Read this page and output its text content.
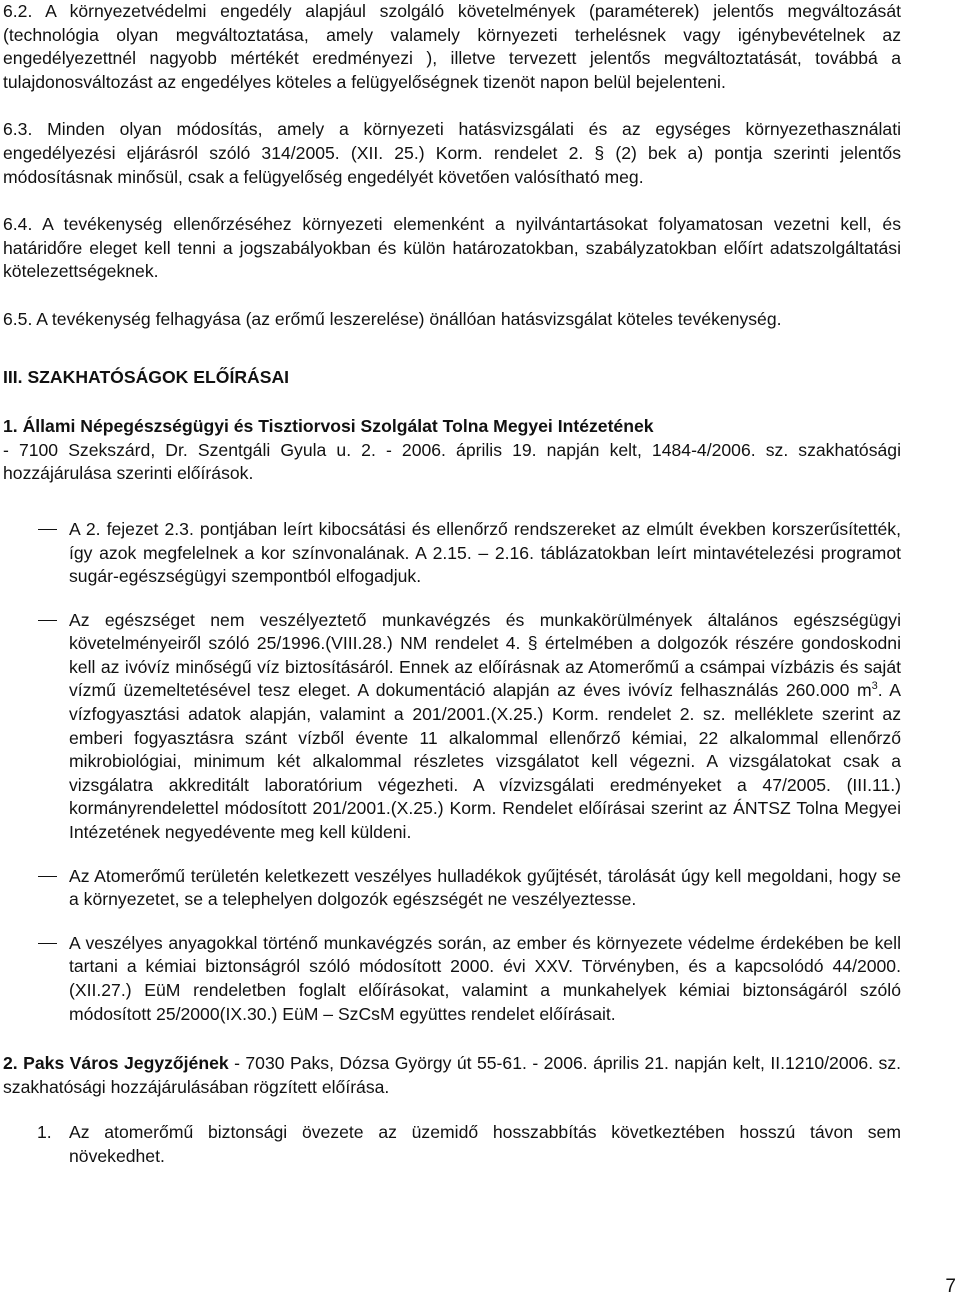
6.2. A környezetvédelmi engedély alapjául szolgáló követelmények (paraméterek) jelentős megváltozását (technológia olyan megváltoztatása, amely valamely környezeti terhelésnek vagy igénybevételnek az engedélyezettnél nagyobb mértékét eredményezi ), illetve tervezett jelentős megváltoztatását, továbbá a tulajdonosváltozást az engedélyes köteles a felügyelőségnek tizenöt napon belül bejelenteni.

6.3. Minden olyan módosítás, amely a környezeti hatásvizsgálati és az egységes környezethasználati engedélyezési eljárásról szóló 314/2005. (XII. 25.) Korm. rendelet 2. § (2) bek a) pontja szerinti jelentős módosításnak minősül, csak a felügyelőség engedélyét követően valósítható meg.

6.4. A tevékenység ellenőrzéséhez környezeti elemenként a nyilvántartásokat folyamatosan vezetni kell, és határidőre eleget kell tenni a jogszabályokban és külön határozatokban, szabályzatokban előírt adatszolgáltatási kötelezettségeknek.

6.5. A tevékenység felhagyása (az erőmű leszerelése) önállóan hatásvizsgálat köteles tevékenység.

III. SZAKHATÓSÁGOK ELŐÍRÁSAI

1. Állami Népegészségügyi és Tisztiorvosi Szolgálat Tolna Megyei Intézetének
- 7100 Szekszárd, Dr. Szentgáli Gyula u. 2. - 2006. április 19. napján kelt, 1484-4/2006. sz. szakhatósági hozzájárulása szerinti előírások.

A 2. fejezet 2.3. pontjában leírt kibocsátási és ellenőrző rendszereket az elmúlt években korszerűsítették, így azok megfelelnek a kor színvonalának. A 2.15. – 2.16. táblázatokban leírt mintavételezési programot sugár-egészségügyi szempontból elfogadjuk.
Az egészséget nem veszélyeztető munkavégzés és munkakörülmények általános egészségügyi követelményeiről szóló 25/1996.(VIII.28.) NM rendelet 4. § értelmében a dolgozók részére gondoskodni kell az ivóvíz minőségű víz biztosításáról. Ennek az előírásnak az Atomerőmű a csámpai vízbázis és saját vízmű üzemeltetésével tesz eleget. A dokumentáció alapján az éves ivóvíz felhasználás 260.000 $m^3$. A vízfogyasztási adatok alapján, valamint a 201/2001.(X.25.) Korm. rendelet 2. sz. melléklete szerint az emberi fogyasztásra szánt vízből évente 11 alkalommal ellenőrző kémiai, 22 alkalommal ellenőrző mikrobiológiai, minimum két alkalommal részletes vizsgálatot kell végezni. A vizsgálatokat csak a vizsgálatra akkreditált laboratórium végezheti. A vízvizsgálati eredményeket a 47/2005. (III.11.) kormányrendelettel módosított 201/2001.(X.25.) Korm. Rendelet előírásai szerint az ÁNTSZ Tolna Megyei Intézetének negyedévente meg kell küldeni.
Az Atomerőmű területén keletkezett veszélyes hulladékok gyűjtését, tárolását úgy kell megoldani, hogy se a környezetet, se a telephelyen dolgozók egészségét ne veszélyeztesse.
A veszélyes anyagokkal történő munkavégzés során, az ember és környezete védelme érdekében be kell tartani a kémiai biztonságról szóló módosított 2000. évi XXV. Törvényben, és a kapcsolódó 44/2000.(XII.27.) EüM rendeletben foglalt előírásokat, valamint a munkahelyek kémiai biztonságáról szóló módosított 25/2000(IX.30.) EüM – SzCsM együttes rendelet előírásait.

2. Paks Város Jegyzőjének - 7030 Paks, Dózsa György út 55-61. - 2006. április 21. napján kelt, II.1210/2006. sz. szakhatósági hozzájárulásában rögzített előírása.

1. Az atomerőmű biztonsági övezete az üzemidő hosszabbítás következtében hosszú távon sem növekedhet.
7
